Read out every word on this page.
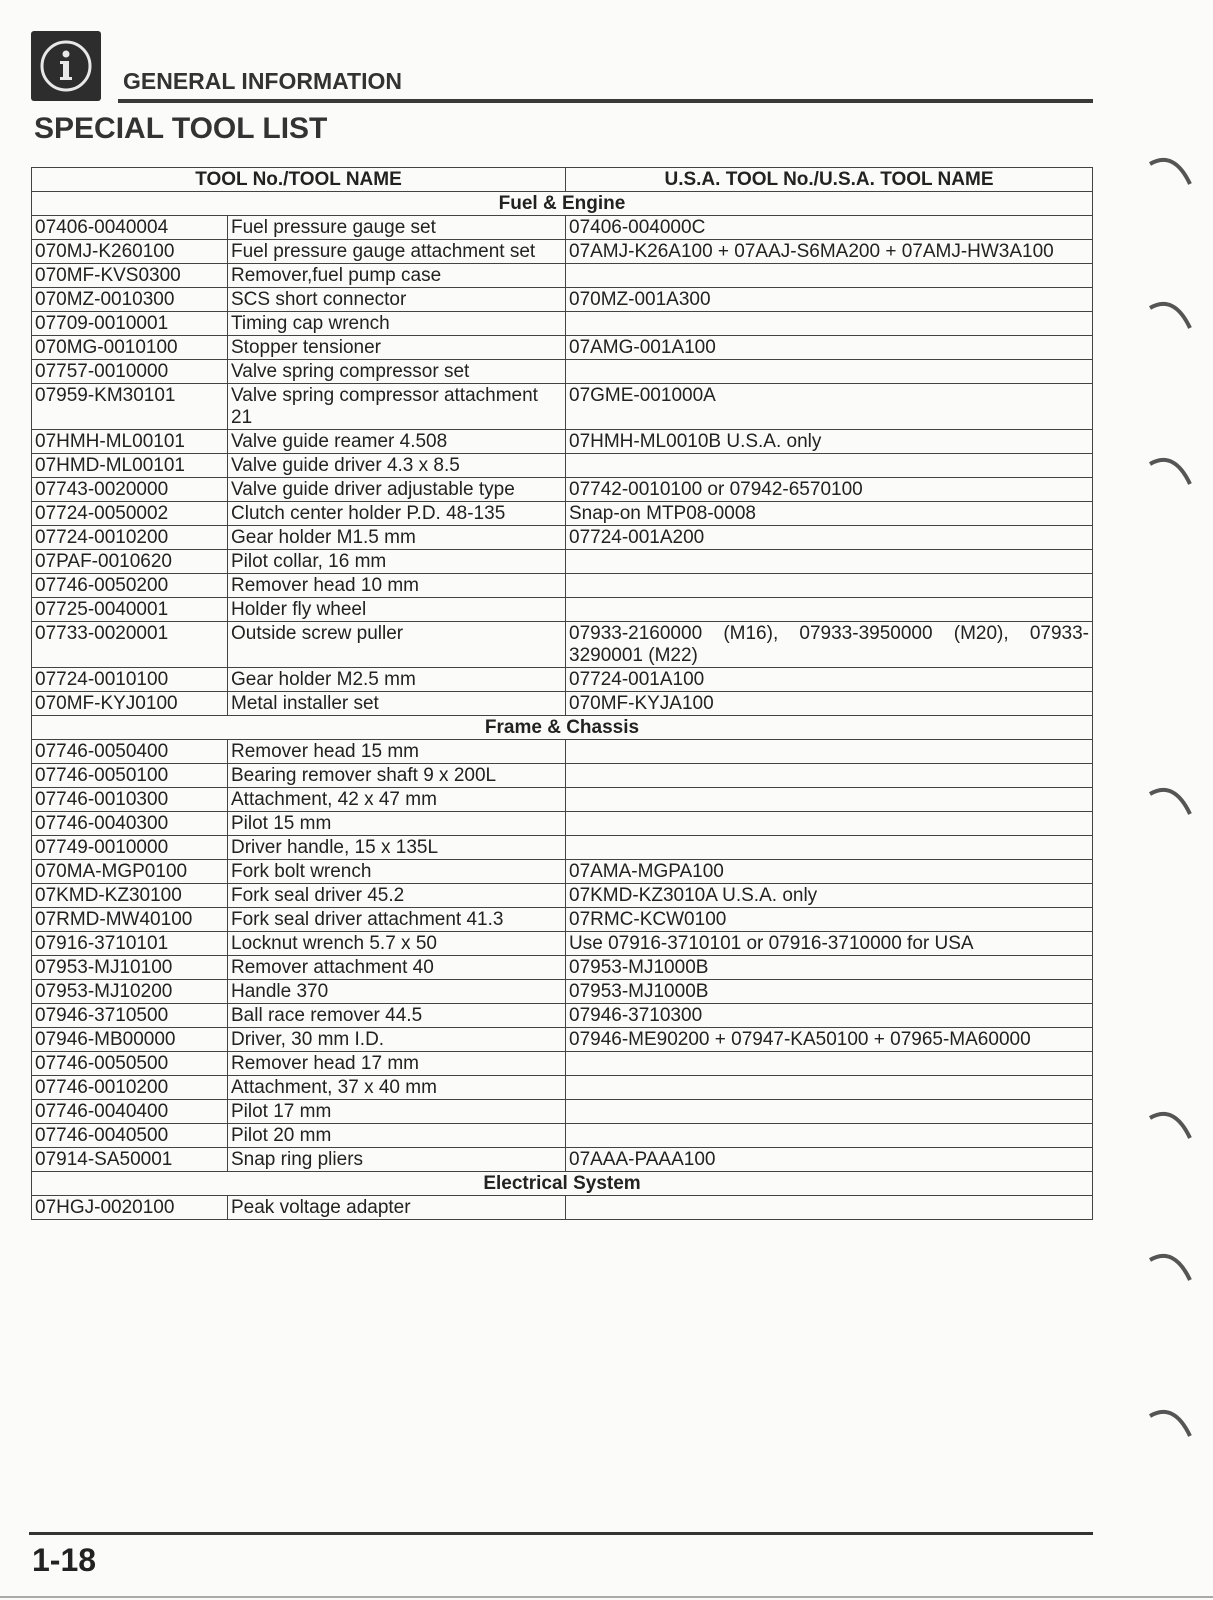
GENERAL INFORMATION
SPECIAL TOOL LIST
TOOL No./TOOL NAME		U.S.A. TOOL No./U.S.A. TOOL NAME
Fuel & Engine		
07406-0040004	Fuel pressure gauge set	07406-004000C
070MJ-K260100	Fuel pressure gauge attachment set	07AMJ-K26A100 + 07AAJ-S6MA200 + 07AMJ-HW3A100
070MF-KVS0300	Remover,fuel pump case	
070MZ-0010300	SCS short connector	070MZ-001A300
07709-0010001	Timing cap wrench	
070MG-0010100	Stopper tensioner	07AMG-001A100
07757-0010000	Valve spring compressor set	
07959-KM30101	Valve spring compressor attachment 21	07GME-001000A
07HMH-ML00101	Valve guide reamer 4.508	07HMH-ML0010B U.S.A. only
07HMD-ML00101	Valve guide driver 4.3 x 8.5	
07743-0020000	Valve guide driver adjustable type	07742-0010100 or 07942-6570100
07724-0050002	Clutch center holder P.D. 48-135	Snap-on MTP08-0008
07724-0010200	Gear holder M1.5 mm	07724-001A200
07PAF-0010620	Pilot collar, 16 mm	
07746-0050200	Remover head 10 mm	
07725-0040001	Holder fly wheel	
07733-0020001	Outside screw puller	07933-2160000 (M16), 07933-3950000 (M20), 07933-3290001 (M22)
07724-0010100	Gear holder M2.5 mm	07724-001A100
070MF-KYJ0100	Metal installer set	070MF-KYJA100
Frame & Chassis		
07746-0050400	Remover head 15 mm	
07746-0050100	Bearing remover shaft 9 x 200L	
07746-0010300	Attachment, 42 x 47 mm	
07746-0040300	Pilot 15 mm	
07749-0010000	Driver handle, 15 x 135L	
070MA-MGP0100	Fork bolt wrench	07AMA-MGPA100
07KMD-KZ30100	Fork seal driver 45.2	07KMD-KZ3010A U.S.A. only
07RMD-MW40100	Fork seal driver attachment 41.3	07RMC-KCW0100
07916-3710101	Locknut wrench 5.7 x 50	Use 07916-3710101 or 07916-3710000 for USA
07953-MJ10100	Remover attachment 40	07953-MJ1000B
07953-MJ10200	Handle 370	07953-MJ1000B
07946-3710500	Ball race remover 44.5	07946-3710300
07946-MB00000	Driver, 30 mm I.D.	07946-ME90200 + 07947-KA50100 + 07965-MA60000
07746-0050500	Remover head 17 mm	
07746-0010200	Attachment, 37 x 40 mm	
07746-0040400	Pilot 17 mm	
07746-0040500	Pilot 20 mm	
07914-SA50001	Snap ring pliers	07AAA-PAAA100
Electrical System		
07HGJ-0020100	Peak voltage adapter	
1-18
